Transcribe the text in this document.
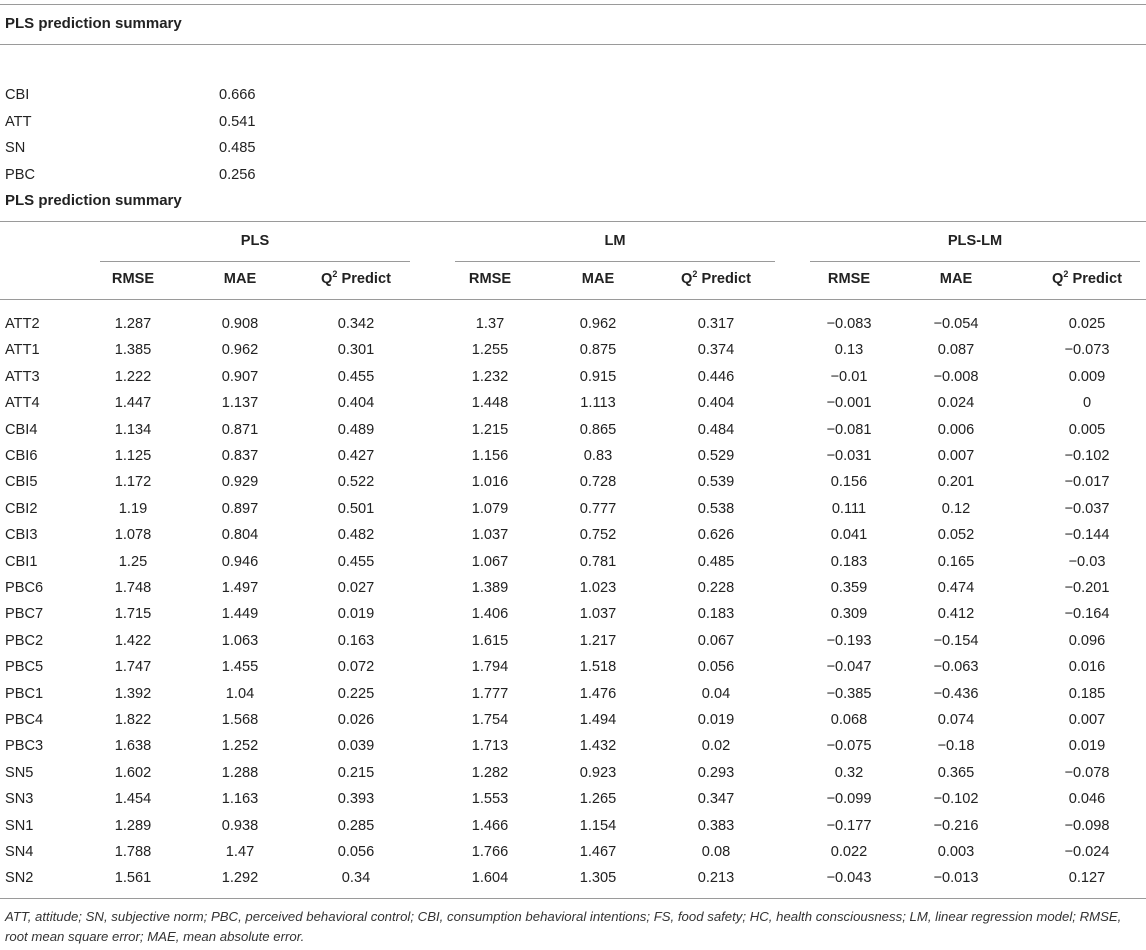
PLS prediction summary
CBI	0.666
ATT	0.541
SN	0.485
PBC	0.256
PLS prediction summary
PLS	LM	PLS-LM
RMSE	MAE	$Q^2$ Predict	RMSE	MAE	$Q^2$ Predict	RMSE	MAE	$Q^2$ Predict
ATT2	1.287	0.908	0.342	1.37	0.962	0.317	−0.083	−0.054	0.025
ATT1	1.385	0.962	0.301	1.255	0.875	0.374	0.13	0.087	−0.073
ATT3	1.222	0.907	0.455	1.232	0.915	0.446	−0.01	−0.008	0.009
ATT4	1.447	1.137	0.404	1.448	1.113	0.404	−0.001	0.024	0
CBI4	1.134	0.871	0.489	1.215	0.865	0.484	−0.081	0.006	0.005
CBI6	1.125	0.837	0.427	1.156	0.83	0.529	−0.031	0.007	−0.102
CBI5	1.172	0.929	0.522	1.016	0.728	0.539	0.156	0.201	−0.017
CBI2	1.19	0.897	0.501	1.079	0.777	0.538	0.111	0.12	−0.037
CBI3	1.078	0.804	0.482	1.037	0.752	0.626	0.041	0.052	−0.144
CBI1	1.25	0.946	0.455	1.067	0.781	0.485	0.183	0.165	−0.03
PBC6	1.748	1.497	0.027	1.389	1.023	0.228	0.359	0.474	−0.201
PBC7	1.715	1.449	0.019	1.406	1.037	0.183	0.309	0.412	−0.164
PBC2	1.422	1.063	0.163	1.615	1.217	0.067	−0.193	−0.154	0.096
PBC5	1.747	1.455	0.072	1.794	1.518	0.056	−0.047	−0.063	0.016
PBC1	1.392	1.04	0.225	1.777	1.476	0.04	−0.385	−0.436	0.185
PBC4	1.822	1.568	0.026	1.754	1.494	0.019	0.068	0.074	0.007
PBC3	1.638	1.252	0.039	1.713	1.432	0.02	−0.075	−0.18	0.019
SN5	1.602	1.288	0.215	1.282	0.923	0.293	0.32	0.365	−0.078
SN3	1.454	1.163	0.393	1.553	1.265	0.347	−0.099	−0.102	0.046
SN1	1.289	0.938	0.285	1.466	1.154	0.383	−0.177	−0.216	−0.098
SN4	1.788	1.47	0.056	1.766	1.467	0.08	0.022	0.003	−0.024
SN2	1.561	1.292	0.34	1.604	1.305	0.213	−0.043	−0.013	0.127
ATT, attitude; SN, subjective norm; PBC, perceived behavioral control; CBI, consumption behavioral intentions; FS, food safety; HC, health consciousness; LM, linear regression model; RMSE, root mean square error; MAE, mean absolute error.
